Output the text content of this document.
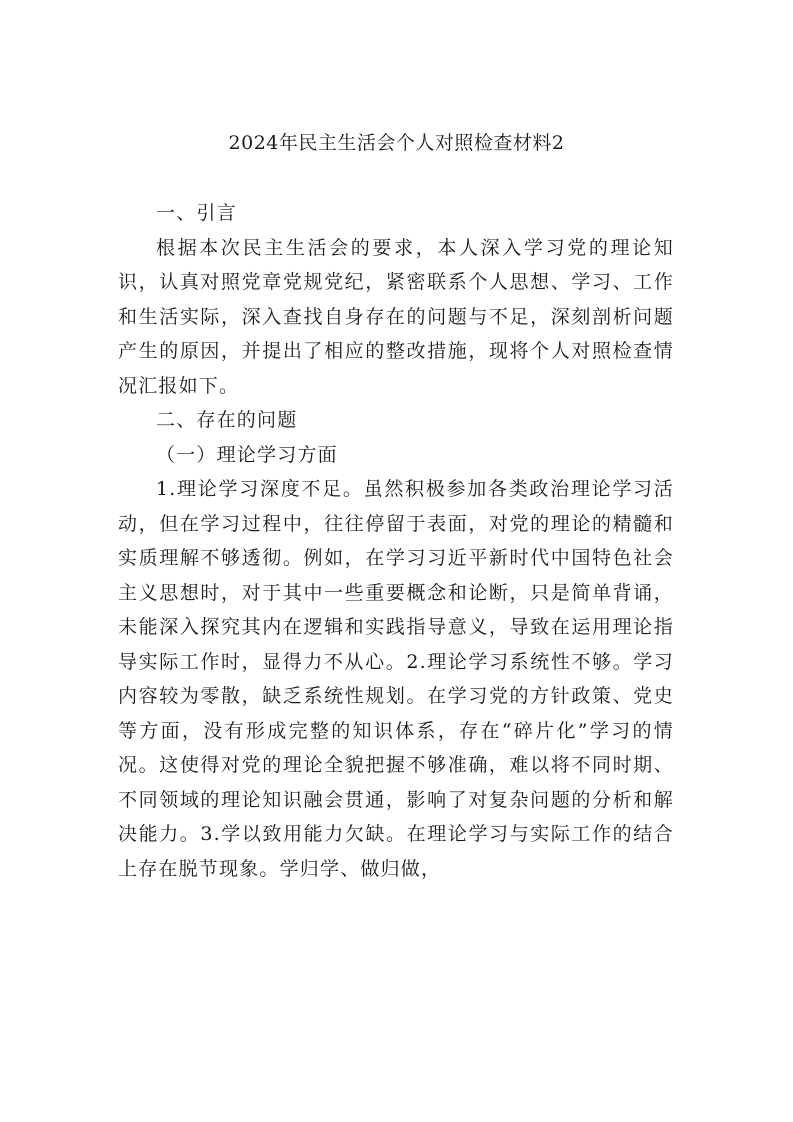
2024年民主生活会个人对照检查材料2

一、引言

根据本次民主生活会的要求，本人深入学习党的理论知识，认真对照党章党规党纪，紧密联系个人思想、学习、工作和生活实际，深入查找自身存在的问题与不足，深刻剖析问题产生的原因，并提出了相应的整改措施，现将个人对照检查情况汇报如下。

二、存在的问题

（一）理论学习方面

1.理论学习深度不足。虽然积极参加各类政治理论学习活动，但在学习过程中，往往停留于表面，对党的理论的精髓和实质理解不够透彻。例如，在学习习近平新时代中国特色社会主义思想时，对于其中一些重要概念和论断，只是简单背诵，未能深入探究其内在逻辑和实践指导意义，导致在运用理论指导实际工作时，显得力不从心。2.理论学习系统性不够。学习内容较为零散，缺乏系统性规划。在学习党的方针政策、党史等方面，没有形成完整的知识体系，存在“碎片化”学习的情况。这使得对党的理论全貌把握不够准确，难以将不同时期、不同领域的理论知识融会贯通，影响了对复杂问题的分析和解决能力。3.学以致用能力欠缺。在理论学习与实际工作的结合上存在脱节现象。学归学、做归做，
